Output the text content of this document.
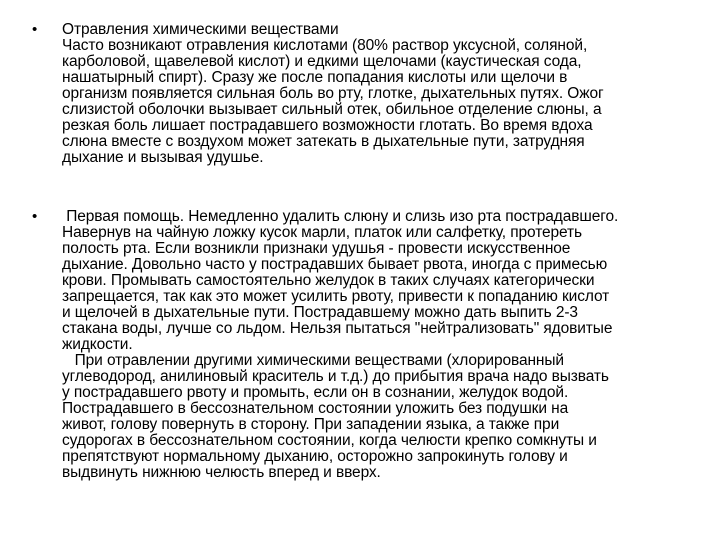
• Отравления химическими веществами
Часто возникают отравления кислотами (80% раствор уксусной, соляной,
карболовой, щавелевой кислот) и едкими щелочами (каустическая сода,
нашатырный спирт). Сразу же после попадания кислоты или щелочи в
организм появляется сильная боль во рту, глотке, дыхательных путях. Ожог
слизистой оболочки вызывает сильный отек, обильное отделение слюны, а
резкая боль лишает пострадавшего возможности глотать. Во время вдоха
слюна вместе с воздухом может затекать в дыхательные пути, затрудняя
дыхание и вызывая удушье.
• Первая помощь. Немедленно удалить слюну и слизь изо рта пострадавшего.
Навернув на чайную ложку кусок марли, платок или салфетку, протереть
полость рта. Если возникли признаки удушья - провести искусственное
дыхание. Довольно часто у пострадавших бывает рвота, иногда с примесью
крови. Промывать самостоятельно желудок в таких случаях категорически
запрещается, так как это может усилить рвоту, привести к попаданию кислот
и щелочей в дыхательные пути. Пострадавшему можно дать выпить 2-3
стакана воды, лучше со льдом. Нельзя пытаться "нейтрализовать" ядовитые
жидкости.
При отравлении другими химическими веществами (хлорированный
углеводород, анилиновый краситель и т.д.) до прибытия врача надо вызвать
у пострадавшего рвоту и промыть, если он в сознании, желудок водой.
Пострадавшего в бессознательном состоянии уложить без подушки на
живот, голову повернуть в сторону. При западении языка, а также при
судорогах в бессознательном состоянии, когда челюсти крепко сомкнуты и
препятствуют нормальному дыханию, осторожно запрокинуть голову и
выдвинуть нижнюю челюсть вперед и вверх.
